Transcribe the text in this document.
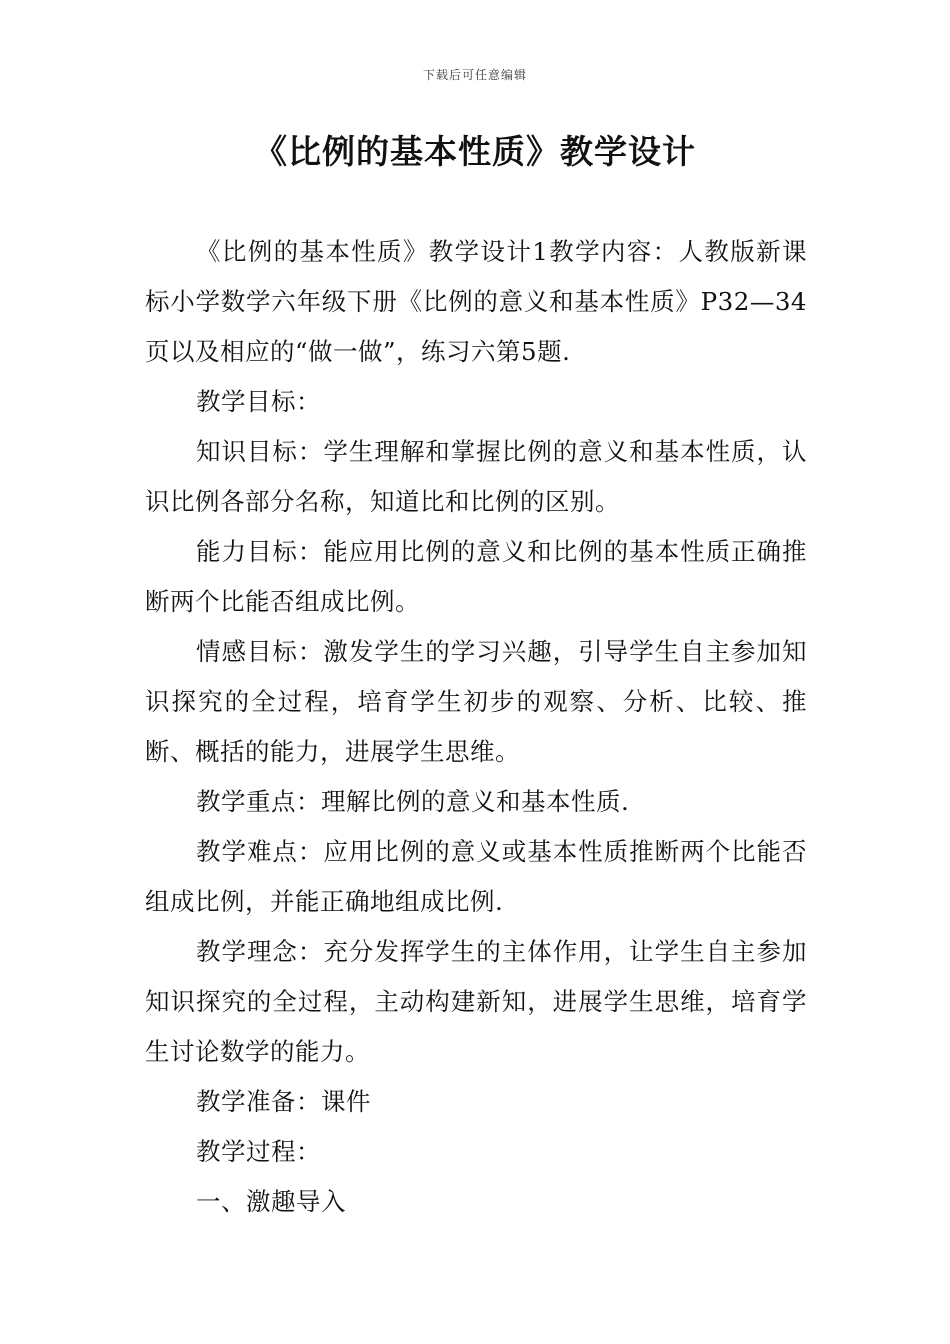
下载后可任意编辑
《比例的基本性质》教学设计

《比例的基本性质》教学设计1教学内容：人教版新课标小学数学六年级下册《比例的意义和基本性质》P32—34页以及相应的“做一做”，练习六第5题.

教学目标：

知识目标：学生理解和掌握比例的意义和基本性质，认识比例各部分名称，知道比和比例的区别。

能力目标：能应用比例的意义和比例的基本性质正确推断两个比能否组成比例。

情感目标：激发学生的学习兴趣，引导学生自主参加知识探究的全过程，培育学生初步的观察、分析、比较、推断、概括的能力，进展学生思维。

教学重点：理解比例的意义和基本性质.

教学难点：应用比例的意义或基本性质推断两个比能否组成比例，并能正确地组成比例.

教学理念：充分发挥学生的主体作用，让学生自主参加知识探究的全过程，主动构建新知，进展学生思维，培育学生讨论数学的能力。

教学准备：课件

教学过程：

一、激趣导入
